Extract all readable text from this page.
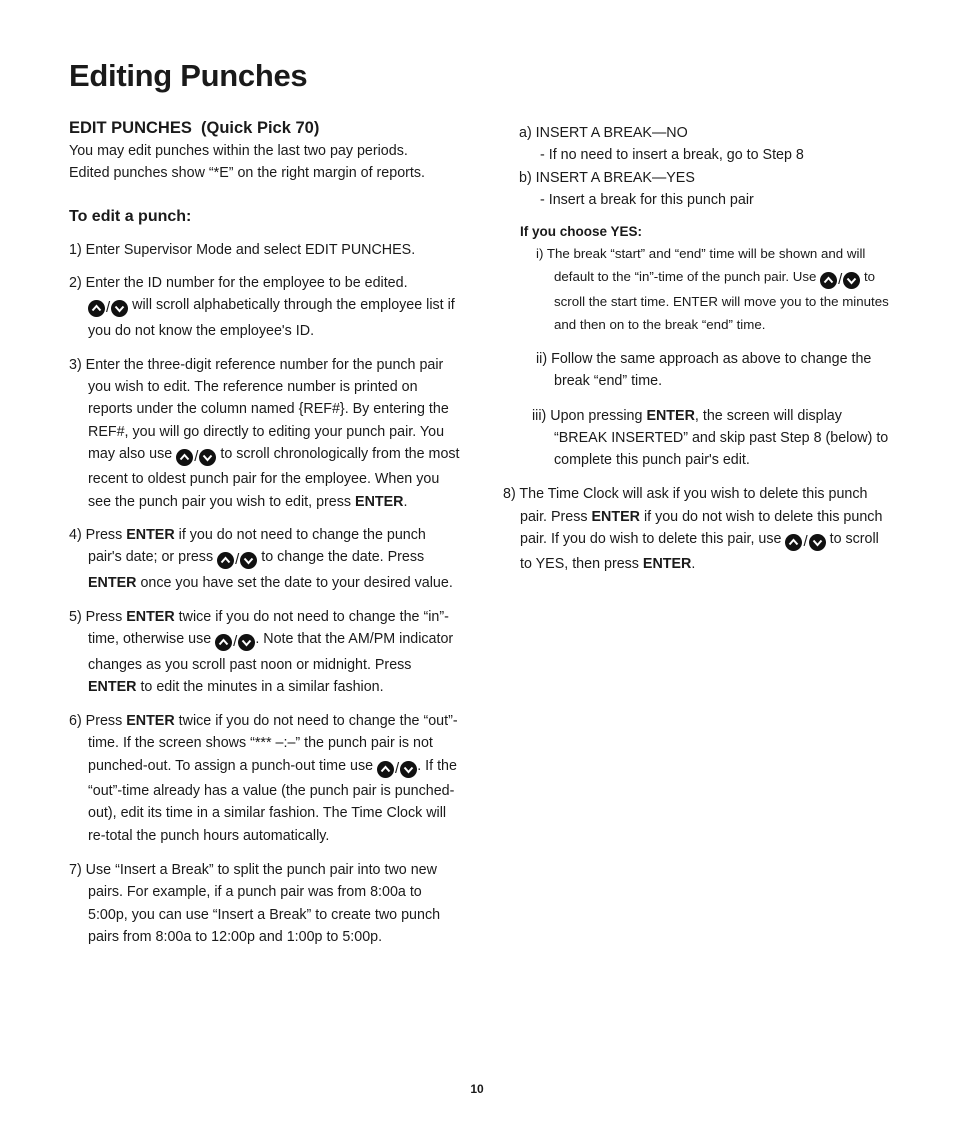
Editing Punches

EDIT PUNCHES  (Quick Pick 70)

You may edit punches within the last two pay periods.

Edited punches show “*E” on the right margin of reports.

To edit a punch:

1) Enter Supervisor Mode and select EDIT PUNCHES.

2) Enter the ID number for the employee to be edited.

/
will scroll alphabetically through the employee list if you do not know the employee's ID.

3) Enter the three-digit reference number for the punch pair you wish to edit. The reference number is printed on reports under the column named {REF#}. By entering the REF#, you will go directly to editing your punch pair. You may also use
/
to scroll chronologically from the most recent to oldest punch pair for the employee. When you see the punch pair you wish to edit, press ENTER.

4) Press ENTER if you do not need to change the punch pair's date; or press
/
to change the date. Press ENTER once you have set the date to your desired value.

5) Press ENTER twice if you do not need to change the “in”- time, otherwise use
/ . Note that the AM/PM indicator changes as you scroll past noon or midnight. Press ENTER to edit the minutes in a similar fashion.

6) Press ENTER twice if you do not need to change the “out”-time. If the screen shows “*** –:–” the punch pair is not punched-out. To assign a punch-out time use
/ . If the “out”-time already has a value (the punch pair is punched-out), edit its time in a similar fashion. The Time Clock will re-total the punch hours automatically.

7) Use “Insert a Break” to split the punch pair into two new pairs. For example, if a punch pair was from 8:00a to 5:00p, you can use “Insert a Break” to create two punch pairs from 8:00a to 12:00p and 1:00p to 5:00p.

a) INSERT A BREAK—NO

- If no need to insert a break, go to Step 8

b) INSERT A BREAK—YES

- Insert a break for this punch pair

If you choose YES:

i) The break “start” and “end” time will be shown and will default to the “in”-time of the punch pair. Use
/
to scroll the start time. ENTER will move you to the minutes and then on to the break “end” time.

ii) Follow the same approach as above to change the break “end” time.

iii) Upon pressing ENTER, the screen will display “BREAK INSERTED” and skip past Step 8 (below) to complete this punch pair's edit.

8) The Time Clock will ask if you wish to delete this punch pair. Press ENTER if you do not wish to delete this punch pair. If you do wish to delete this pair, use
/
to scroll to YES, then press ENTER.

10
